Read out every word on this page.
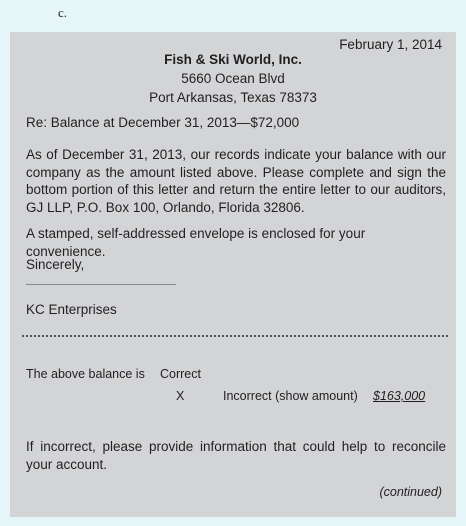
c.
February 1, 2014
Fish & Ski World, Inc.
5660 Ocean Blvd
Port Arkansas, Texas 78373
Re: Balance at December 31, 2013—$72,000
As of December 31, 2013, our records indicate your balance with our company as the amount listed above. Please complete and sign the bottom portion of this letter and return the entire letter to our auditors, GJ LLP, P.O. Box 100, Orlando, Florida 32806.
A stamped, self-addressed envelope is enclosed for your convenience.
Sincerely,
KC Enterprises
The above balance is Correct
X	Incorrect (show amount) $163,000
If incorrect, please provide information that could help to reconcile your account.
(continued)
